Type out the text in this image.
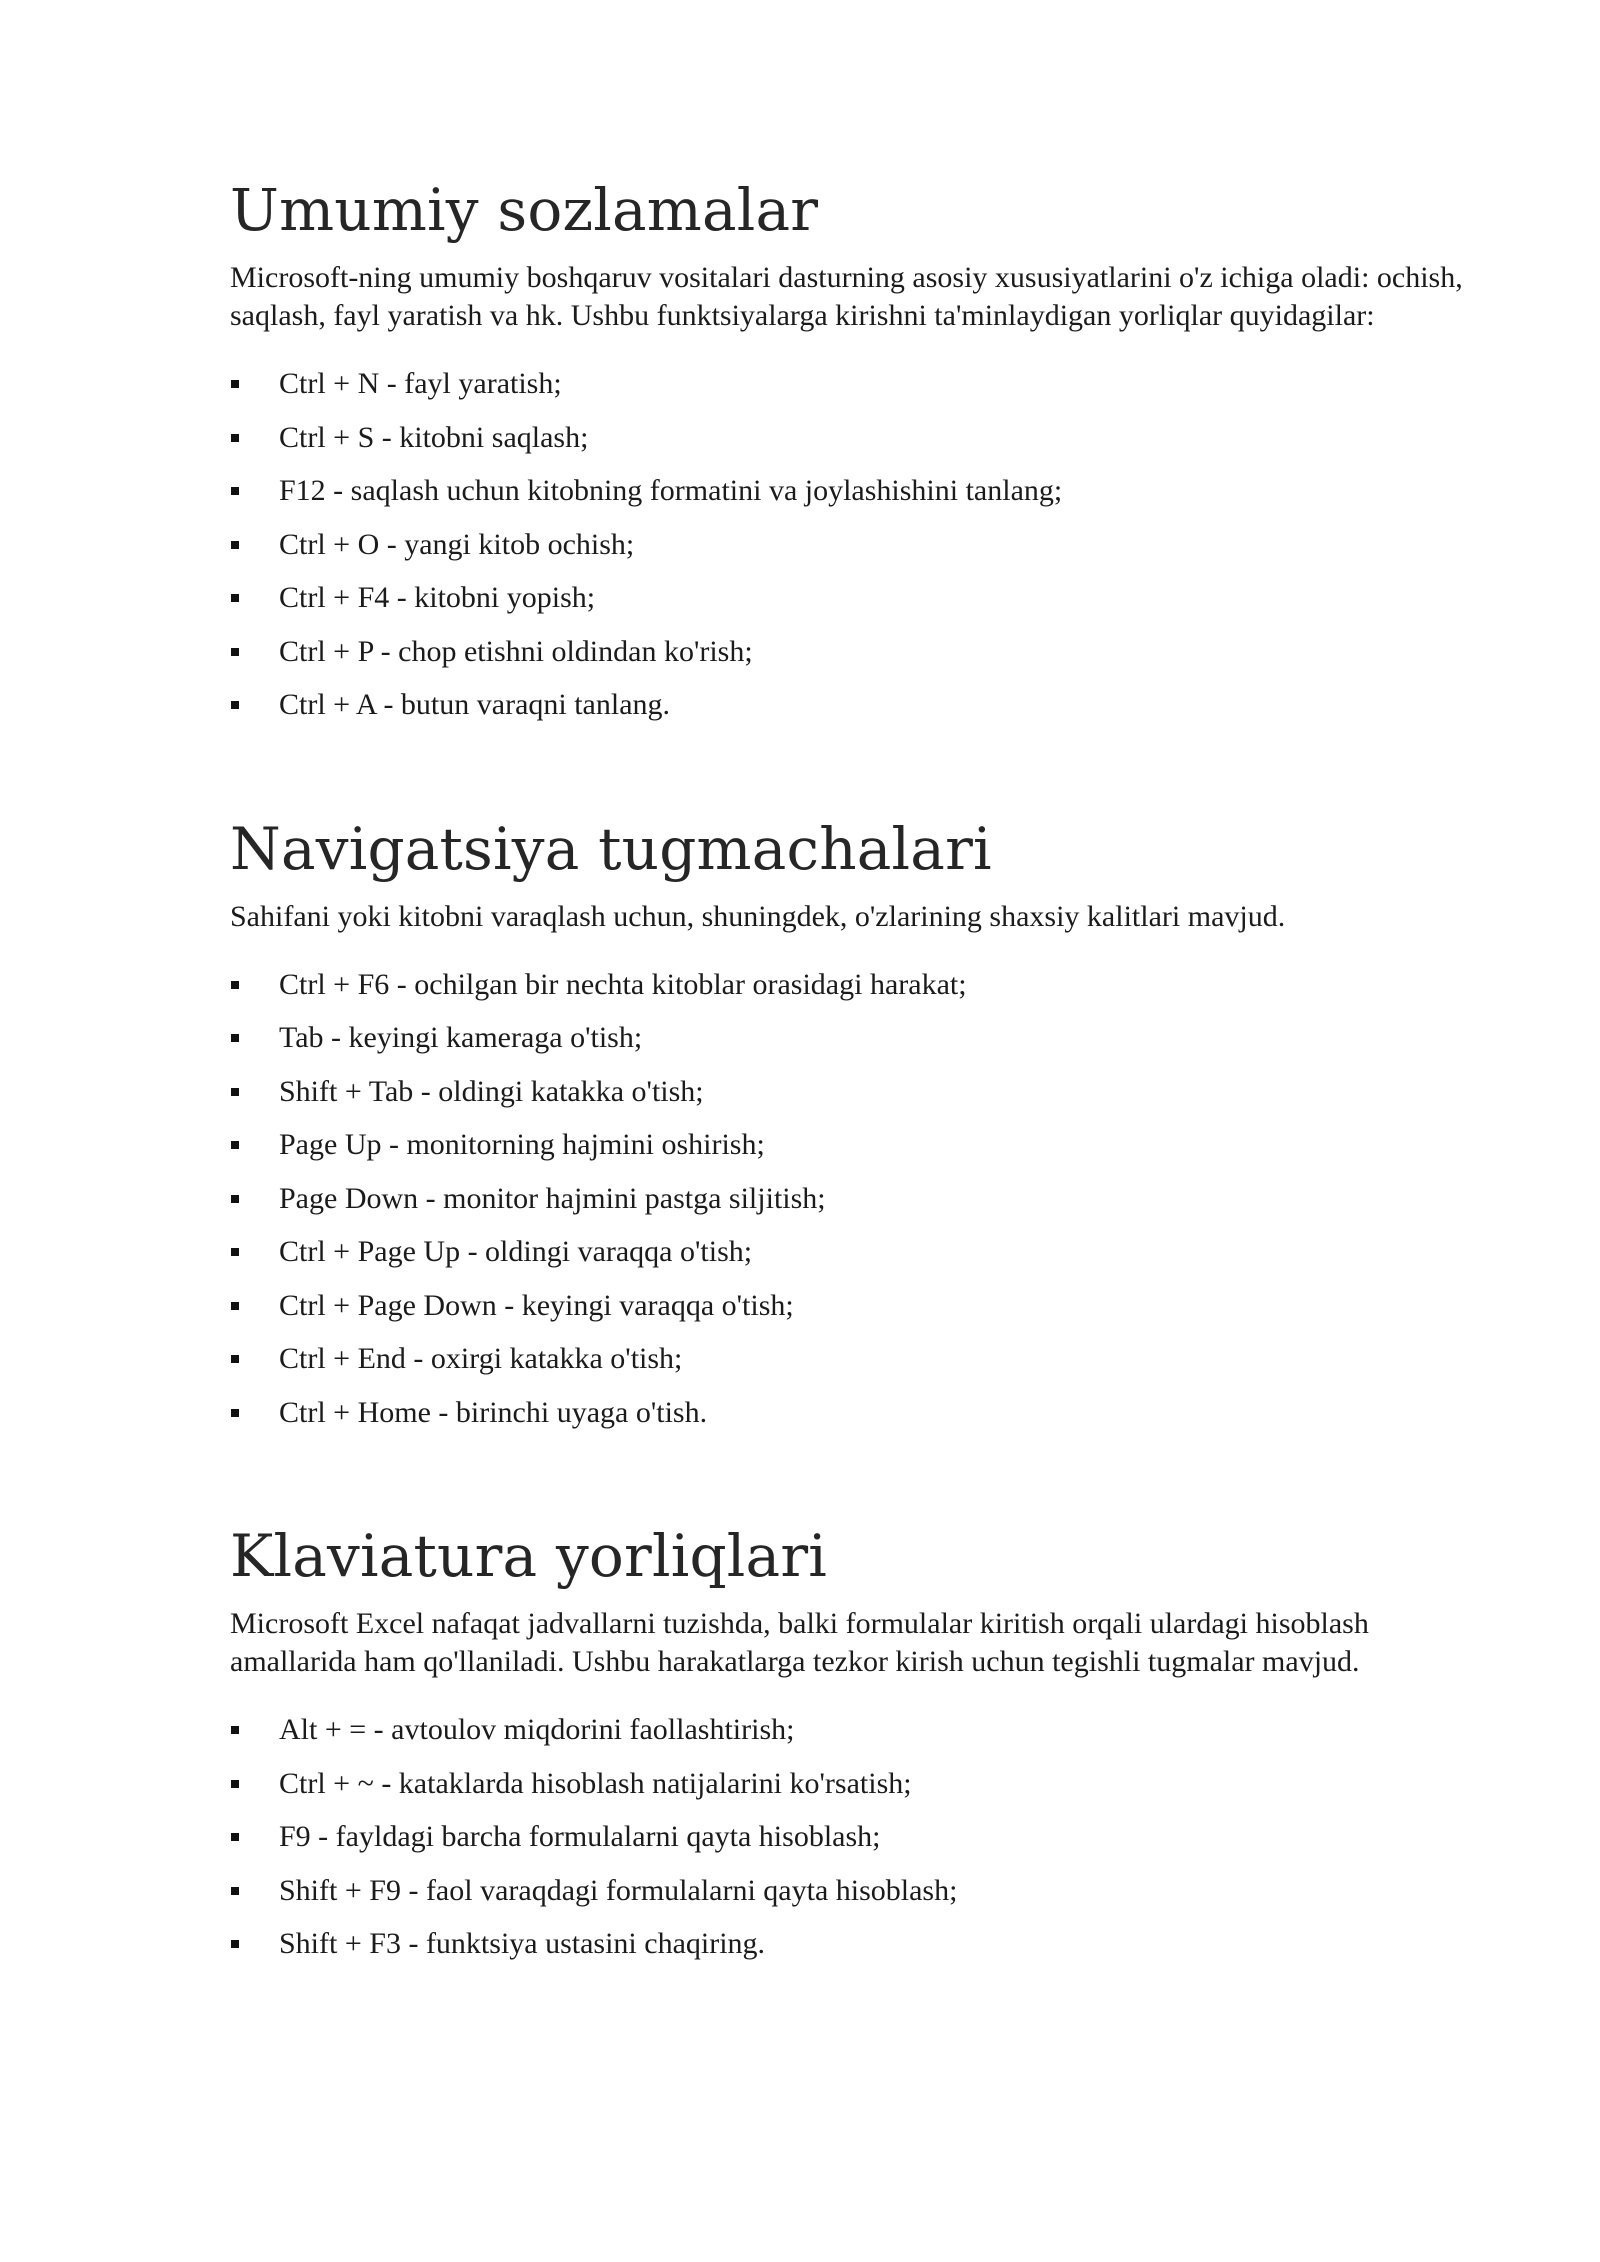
Umumiy sozlamalar

Microsoft-ning umumiy boshqaruv vositalari dasturning asosiy xususiyatlarini o'z ichiga oladi: ochish, saqlash, fayl yaratish va hk. Ushbu funktsiyalarga kirishni ta'minlaydigan yorliqlar quyidagilar:

Ctrl + N - fayl yaratish;
Ctrl + S - kitobni saqlash;
F12 - saqlash uchun kitobning formatini va joylashishini tanlang;
Ctrl + O - yangi kitob ochish;
Ctrl + F4 - kitobni yopish;
Ctrl + P - chop etishni oldindan ko'rish;
Ctrl + A - butun varaqni tanlang.
Navigatsiya tugmachalari

Sahifani yoki kitobni varaqlash uchun, shuningdek, o'zlarining shaxsiy kalitlari mavjud.

Ctrl + F6 - ochilgan bir nechta kitoblar orasidagi harakat;
Tab - keyingi kameraga o'tish;
Shift + Tab - oldingi katakka o'tish;
Page Up - monitorning hajmini oshirish;
Page Down - monitor hajmini pastga siljitish;
Ctrl + Page Up - oldingi varaqqa o'tish;
Ctrl + Page Down - keyingi varaqqa o'tish;
Ctrl + End - oxirgi katakka o'tish;
Ctrl + Home - birinchi uyaga o'tish.
Klaviatura yorliqlari

Microsoft Excel nafaqat jadvallarni tuzishda, balki formulalar kiritish orqali ulardagi hisoblash amallarida ham qo'llaniladi. Ushbu harakatlarga tezkor kirish uchun tegishli tugmalar mavjud.

Alt + = - avtoulov miqdorini faollashtirish;
Ctrl + ~ - kataklarda hisoblash natijalarini ko'rsatish;
F9 - fayldagi barcha formulalarni qayta hisoblash;
Shift + F9 - faol varaqdagi formulalarni qayta hisoblash;
Shift + F3 - funktsiya ustasini chaqiring.
